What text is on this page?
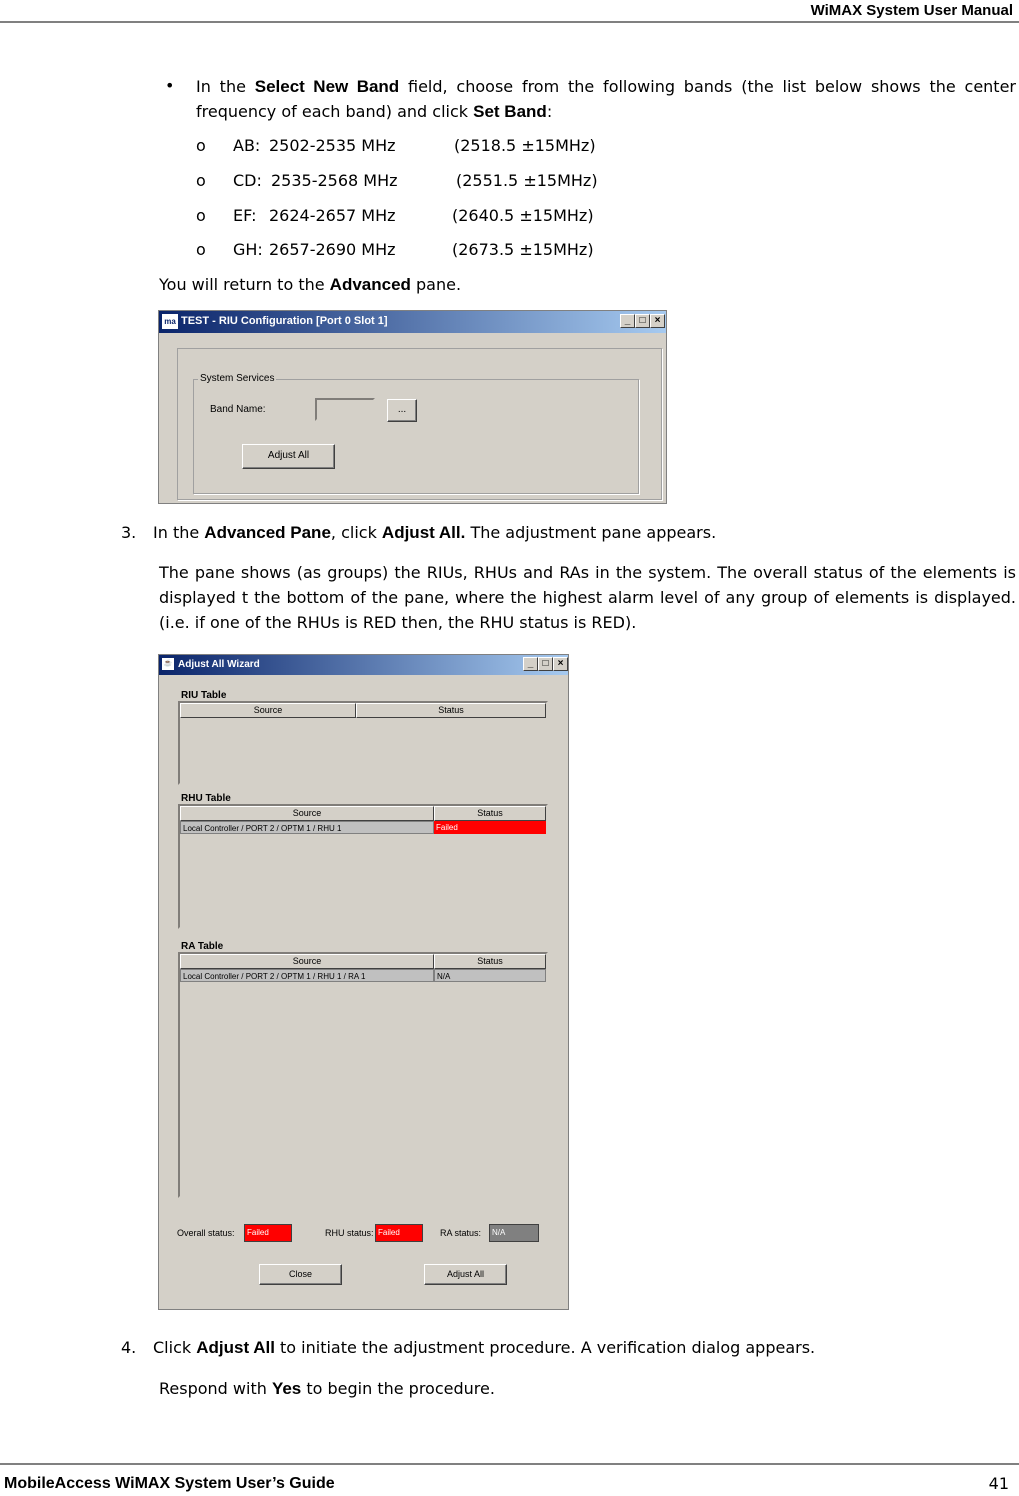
WiMAX System User Manual
• In the Select New Band field, choose from the following bands (the list below shows the center frequency of each band) and click Set Band:
o AB: 2502-2535 MHz	(2518.5 ±15MHz)
o CD: 2535-2568 MHz	(2551.5 ±15MHz)
o EF: 2624-2657 MHz	(2640.5 ±15MHz)
o GH: 2657-2690 MHz	(2673.5 ±15MHz)
You will return to the Advanced pane.
ma TEST - RIU Configuration [Port 0 Slot 1]	_ □ ×
System Services
Band Name:	...
Adjust All
3. In the Advanced Pane, click Adjust All. The adjustment pane appears.
The pane shows (as groups) the RIUs, RHUs and RAs in the system. The overall status of the elements is displayed t the bottom of the pane, where the highest alarm level of any group of elements is displayed. (i.e. if one of the RHUs is RED then, the RHU status is RED).
☕ Adjust All Wizard	_ □ ×
RIU Table
Source	Status
RHU Table
Source	Status
Local Controller / PORT 2 / OPTM 1 / RHU 1	Failed
RA Table
Source	Status
Local Controller / PORT 2 / OPTM 1 / RHU 1 / RA 1	N/A
Overall status:	Failed	RHU status: Failed	RA status:	N/A
Close	Adjust All
4. Click Adjust All to initiate the adjustment procedure. A verification dialog appears.
Respond with Yes to begin the procedure.
MobileAccess WiMAX System User’s Guide	41
